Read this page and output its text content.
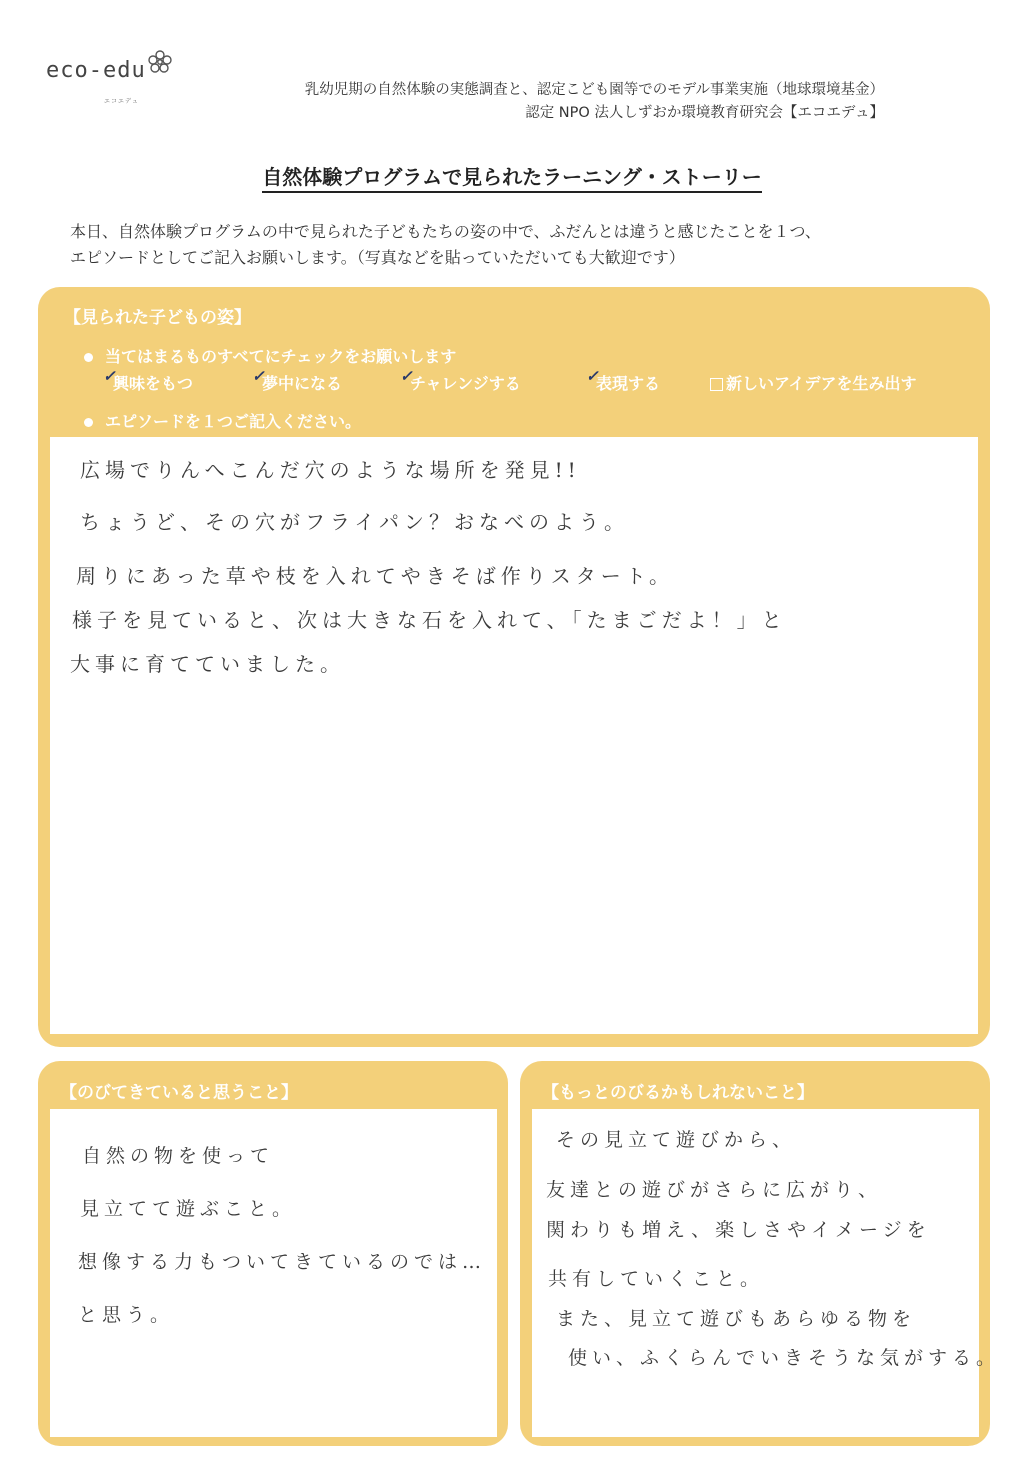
エコエデュ
eco-edu
乳幼児期の自然体験の実態調査と、認定こども園等でのモデル事業実施（地球環境基金）
認定 NPO 法人しずおか環境教育研究会【エコエデュ】
自然体験プログラムで見られたラーニング・ストーリー
本日、自然体験プログラムの中で見られた子どもたちの姿の中で、ふだんとは違うと感じたことを１つ、
エピソードとしてご記入お願いします。（写真などを貼っていただいても大歓迎です）
【見られた子どもの姿】
当てはまるものすべてにチェックをお願いします
エピソードを１つご記入ください。
✓
興味をもつ	✓
夢中になる	✓
チャレンジする	✓
表現する	新しいアイデアを生み出す
広場でりんへこんだ穴のような場所を発見!!
ちょうど、その穴がフライパン？おなべのよう。
周りにあった草や枝を入れてやきそば作りスタート。
様子を見ていると、次は大きな石を入れて、「たまごだよ！」と
大事に育てていました。
【のびてきていると思うこと】
自然の物を使って
見立てて遊ぶこと。
想像する力もついてきているのでは…
と思う。
【もっとのびるかもしれないこと】
その見立て遊びから、
友達との遊びがさらに広がり、
関わりも増え、楽しさやイメージを
共有していくこと。
また、見立て遊びもあらゆる物を
使い、ふくらんでいきそうな気がする。
